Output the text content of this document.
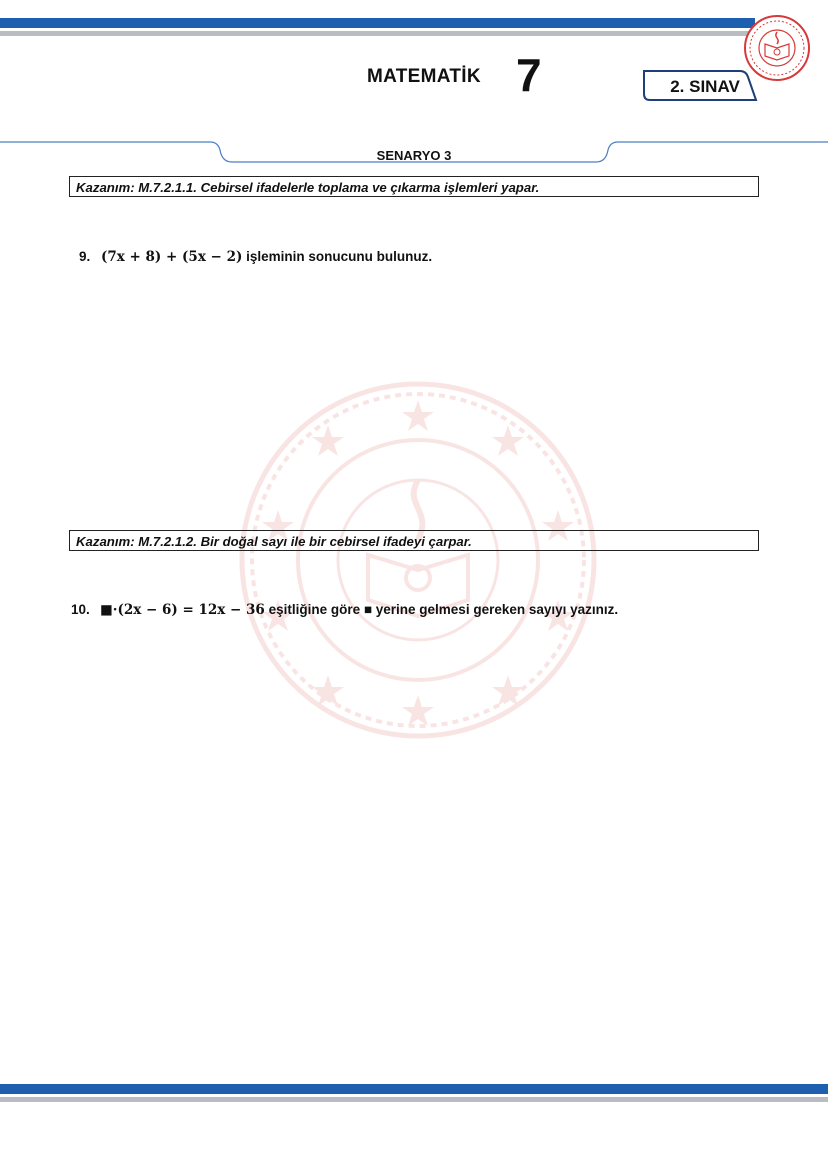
MATEMATİK 7	2. SINAV
SENARYO 3
Kazanım: M.7.2.1.1. Cebirsel ifadelerle toplama ve çıkarma işlemleri yapar.
9. (7x + 8) + (5x − 2) işleminin sonucunu bulunuz.
Kazanım: M.7.2.1.2. Bir doğal sayı ile bir cebirsel ifadeyi çarpar.
10. ■·(2x − 6) = 12x − 36 eşitliğine göre ■ yerine gelmesi gereken sayıyı yazınız.
